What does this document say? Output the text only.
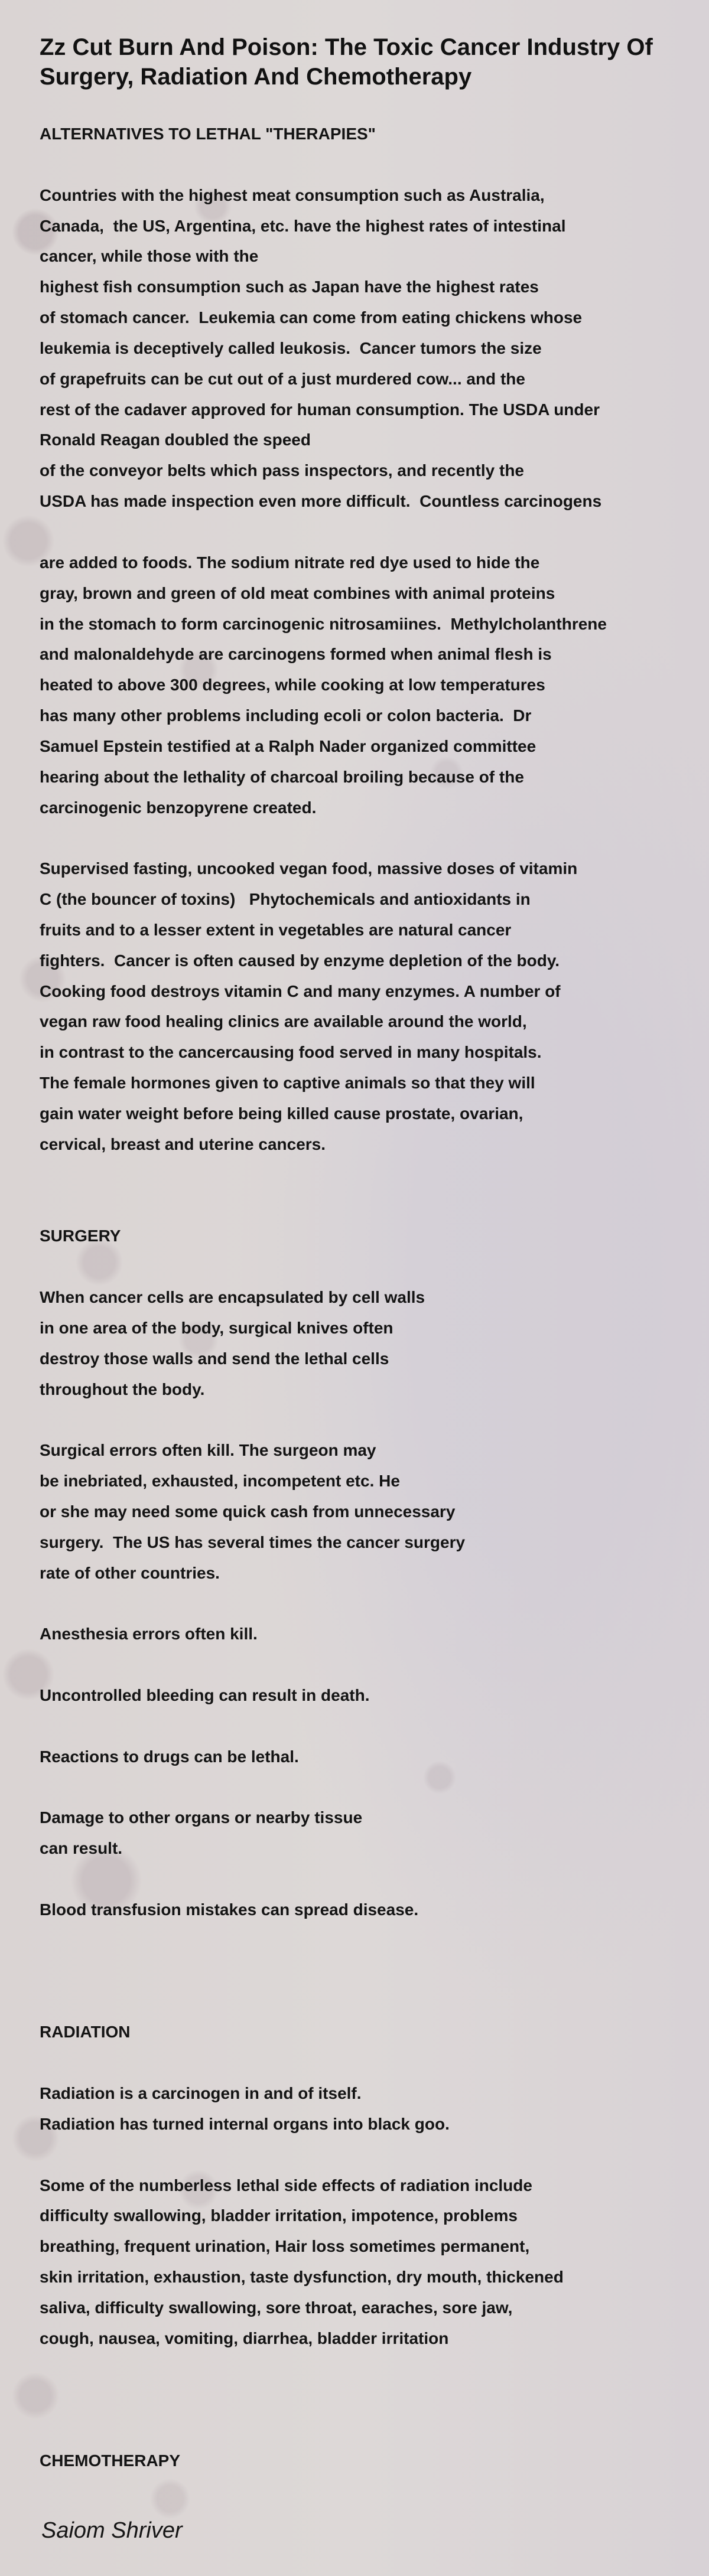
Zz Cut Burn And Poison: The Toxic Cancer Industry Of Surgery, Radiation And Chemotherapy
ALTERNATIVES TO LETHAL "THERAPIES"
Countries with the highest meat consumption such as Australia,
Canada,  the US, Argentina, etc. have the highest rates of intestinal
cancer, while those with the
highest fish consumption such as Japan have the highest rates
of stomach cancer.  Leukemia can come from eating chickens whose
leukemia is deceptively called leukosis.  Cancer tumors the size
of grapefruits can be cut out of a just murdered cow... and the
rest of the cadaver approved for human consumption. The USDA under
Ronald Reagan doubled the speed
of the conveyor belts which pass inspectors, and recently the
USDA has made inspection even more difficult.  Countless carcinogens
are added to foods. The sodium nitrate red dye used to hide the
gray, brown and green of old meat combines with animal proteins
in the stomach to form carcinogenic nitrosamiines.  Methylcholanthrene
and malonaldehyde are carcinogens formed when animal flesh is
heated to above 300 degrees, while cooking at low temperatures
has many other problems including ecoli or colon bacteria.  Dr
Samuel Epstein testified at a Ralph Nader organized committee
hearing about the lethality of charcoal broiling because of the
carcinogenic benzopyrene created.
Supervised fasting, uncooked vegan food, massive doses of vitamin
C (the bouncer of toxins)   Phytochemicals and antioxidants in
fruits and to a lesser extent in vegetables are natural cancer
fighters.  Cancer is often caused by enzyme depletion of the body.
Cooking food destroys vitamin C and many enzymes. A number of
vegan raw food healing clinics are available around the world,
in contrast to the cancercausing food served in many hospitals.
The female hormones given to captive animals so that they will
gain water weight before being killed cause prostate, ovarian,
cervical, breast and uterine cancers.
SURGERY
When cancer cells are encapsulated by cell walls
in one area of the body, surgical knives often
destroy those walls and send the lethal cells
throughout the body.
Surgical errors often kill. The surgeon may
be inebriated, exhausted, incompetent etc. He
or she may need some quick cash from unnecessary
surgery.  The US has several times the cancer surgery
rate of other countries.
Anesthesia errors often kill.
Uncontrolled bleeding can result in death.
Reactions to drugs can be lethal.
Damage to other organs or nearby tissue
can result.
Blood transfusion mistakes can spread disease.
RADIATION
Radiation is a carcinogen in and of itself.
Radiation has turned internal organs into black goo.
Some of the numberless lethal side effects of radiation include
difficulty swallowing, bladder irritation, impotence, problems
breathing, frequent urination, Hair loss sometimes permanent,
skin irritation, exhaustion, taste dysfunction, dry mouth, thickened
saliva, difficulty swallowing, sore throat, earaches, sore jaw,
cough, nausea, vomiting, diarrhea, bladder irritation
CHEMOTHERAPY
Saiom Shriver
